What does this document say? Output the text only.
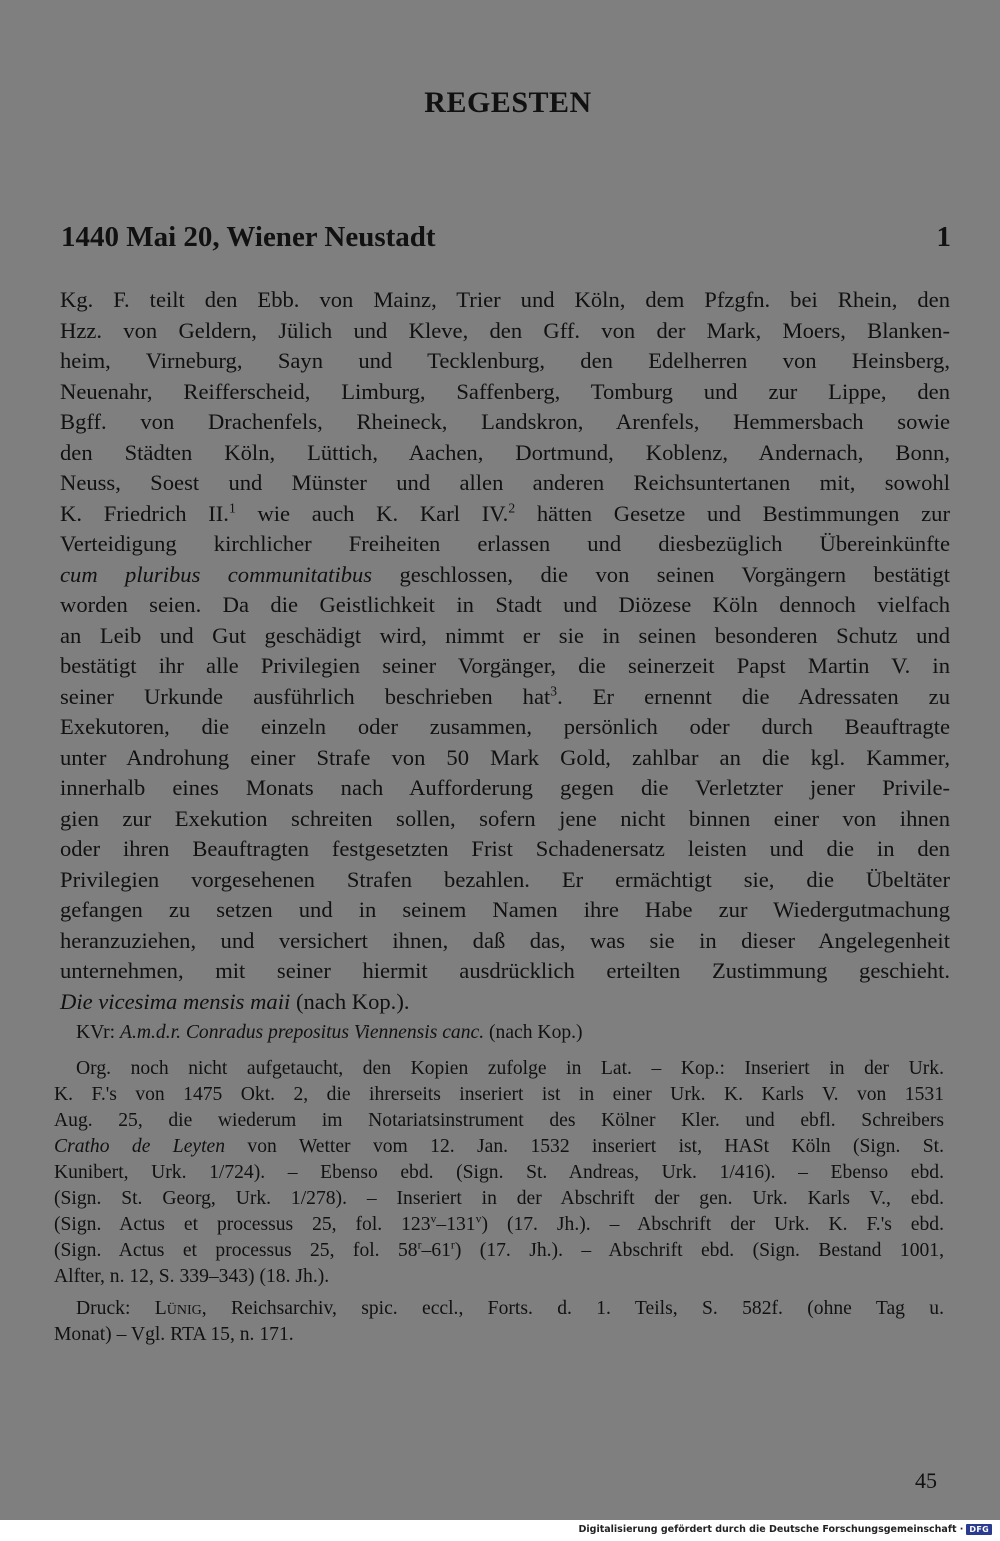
REGESTEN
1440 Mai 20, Wiener Neustadt	1
Kg. F. teilt den Ebb. von Mainz, Trier und Köln, dem Pfzgfn. bei Rhein, den
Hzz. von Geldern, Jülich und Kleve, den Gff. von der Mark, Moers, Blanken-
heim, Virneburg, Sayn und Tecklenburg, den Edelherren von Heinsberg,
Neuenahr, Reifferscheid, Limburg, Saffenberg, Tomburg und zur Lippe, den
Bgff. von Drachenfels, Rheineck, Landskron, Arenfels, Hemmersbach sowie
den Städten Köln, Lüttich, Aachen, Dortmund, Koblenz, Andernach, Bonn,
Neuss, Soest und Münster und allen anderen Reichsuntertanen mit, sowohl
K. Friedrich II.$^1$ wie auch K. Karl IV.$^2$ hätten Gesetze und Bestimmungen zur
Verteidigung kirchlicher Freiheiten erlassen und diesbezüglich Übereinkünfte
cum pluribus communitatibus geschlossen, die von seinen Vorgängern bestätigt
worden seien. Da die Geistlichkeit in Stadt und Diözese Köln dennoch vielfach
an Leib und Gut geschädigt wird, nimmt er sie in seinen besonderen Schutz und
bestätigt ihr alle Privilegien seiner Vorgänger, die seinerzeit Papst Martin V. in
seiner Urkunde ausführlich beschrieben hat$^3$. Er ernennt die Adressaten zu
Exekutoren, die einzeln oder zusammen, persönlich oder durch Beauftragte
unter Androhung einer Strafe von 50 Mark Gold, zahlbar an die kgl. Kammer,
innerhalb eines Monats nach Aufforderung gegen die Verletzter jener Privile-
gien zur Exekution schreiten sollen, sofern jene nicht binnen einer von ihnen
oder ihren Beauftragten festgesetzten Frist Schadenersatz leisten und die in den
Privilegien vorgesehenen Strafen bezahlen. Er ermächtigt sie, die Übeltäter
gefangen zu setzen und in seinem Namen ihre Habe zur Wiedergutmachung
heranzuziehen, und versichert ihnen, daß das, was sie in dieser Angelegenheit
unternehmen, mit seiner hiermit ausdrücklich erteilten Zustimmung geschieht.
Die vicesima mensis maii (nach Kop.).

KVr: A.m.d.r. Conradus prepositus Viennensis canc. (nach Kop.)

Org. noch nicht aufgetaucht, den Kopien zufolge in Lat. – Kop.: Inseriert in der Urk.
K. F.'s von 1475 Okt. 2, die ihrerseits inseriert ist in einer Urk. K. Karls V. von 1531
Aug. 25, die wiederum im Notariatsinstrument des Kölner Kler. und ebfl. Schreibers
Cratho de Leyten von Wetter vom 12. Jan. 1532 inseriert ist, HASt Köln (Sign. St.
Kunibert, Urk. 1/724). – Ebenso ebd. (Sign. St. Andreas, Urk. 1/416). – Ebenso ebd.
(Sign. St. Georg, Urk. 1/278). – Inseriert in der Abschrift der gen. Urk. Karls V., ebd.
(Sign. Actus et processus 25, fol. 123$^v$–131$^v$) (17. Jh.). – Abschrift der Urk. K. F.'s ebd.
(Sign. Actus et processus 25, fol. 58$^r$–61$^r$) (17. Jh.). – Abschrift ebd. (Sign. Bestand 1001,
Alfter, n. 12, S. 339–343) (18. Jh.).
Druck: Lünig, Reichsarchiv, spic. eccl., Forts. d. 1. Teils, S. 582f. (ohne Tag u.
Monat) – Vgl. RTA 15, n. 171.

45

Digitalisierung gefördert durch die Deutsche Forschungsgemeinschaft · DFG
